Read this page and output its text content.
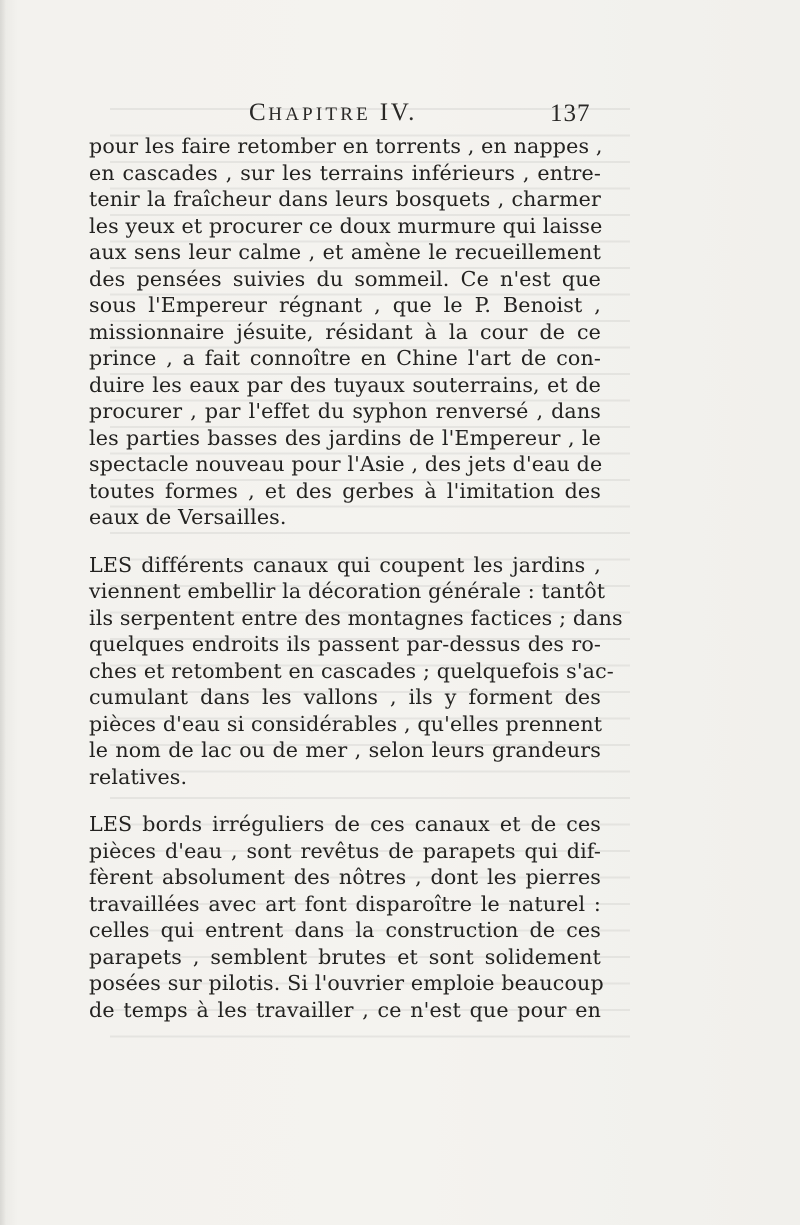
CHAPITRE IV.	137
pour les faire retomber en torrents , en nappes ,
en cascades , sur les terrains inférieurs , entre-
tenir la fraîcheur dans leurs bosquets , charmer
les yeux et procurer ce doux murmure qui laisse
aux sens leur calme , et amène le recueillement
des pensées suivies du sommeil. Ce n'est que
sous l'Empereur régnant , que le P. Benoist ,
missionnaire jésuite, résidant à la cour de ce
prince , a fait connoître en Chine l'art de con-
duire les eaux par des tuyaux souterrains, et de
procurer , par l'effet du syphon renversé , dans
les parties basses des jardins de l'Empereur , le
spectacle nouveau pour l'Asie , des jets d'eau de
toutes formes , et des gerbes à l'imitation des
eaux de Versailles.
LES différents canaux qui coupent les jardins ,
viennent embellir la décoration générale : tantôt
ils serpentent entre des montagnes factices ; dans
quelques endroits ils passent par-dessus des ro-
ches et retombent en cascades ; quelquefois s'ac-
cumulant dans les vallons , ils y forment des
pièces d'eau si considérables , qu'elles prennent
le nom de lac ou de mer , selon leurs grandeurs
relatives.
LES bords irréguliers de ces canaux et de ces
pièces d'eau , sont revêtus de parapets qui dif-
fèrent absolument des nôtres , dont les pierres
travaillées avec art font disparoître le naturel :
celles qui entrent dans la construction de ces
parapets , semblent brutes et sont solidement
posées sur pilotis. Si l'ouvrier emploie beaucoup
de temps à les travailler , ce n'est que pour en
